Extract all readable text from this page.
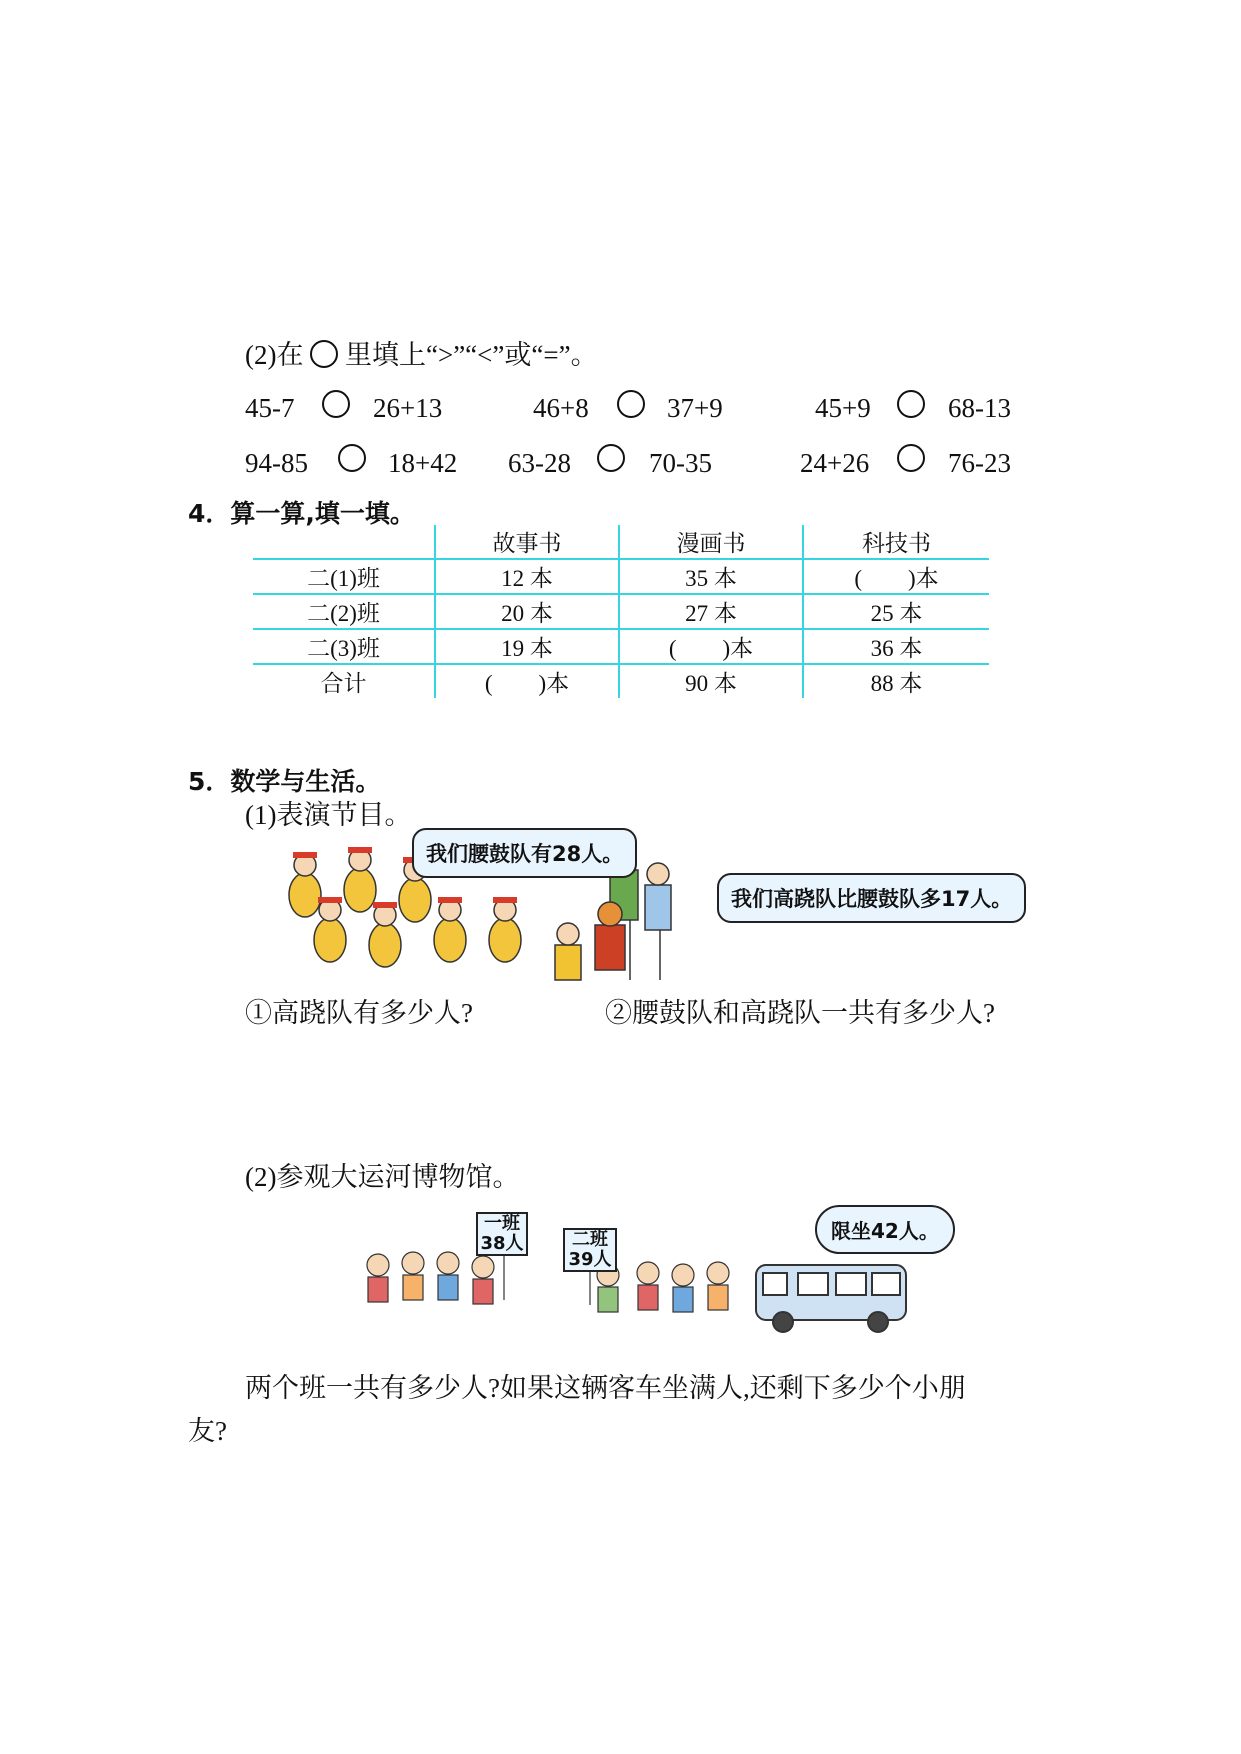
(2)在 里填上“>”“<”或“=”。
45-7	26+13	46+8	37+9	45+9	68-13
94-85	18+42 63-28	70-35	24+26	76-23
4．算一算,填一填。
	故事书	漫画书	科技书
二(1)班	12 本	35 本	(　　)本
二(2)班	20 本	27 本	25 本
二(3)班	19 本	(　　)本	36 本
合计	(　　)本	90 本	88 本
5．数学与生活。
(1)表演节目。
我们腰鼓队有28人。
我们高跷队比腰鼓队多17人。
①高跷队有多少人?	②腰鼓队和高跷队一共有多少人?
(2)参观大运河博物馆。
一班
38人	二班
39人
限坐42人。
两个班一共有多少人?如果这辆客车坐满人,还剩下多少个小朋
友?
